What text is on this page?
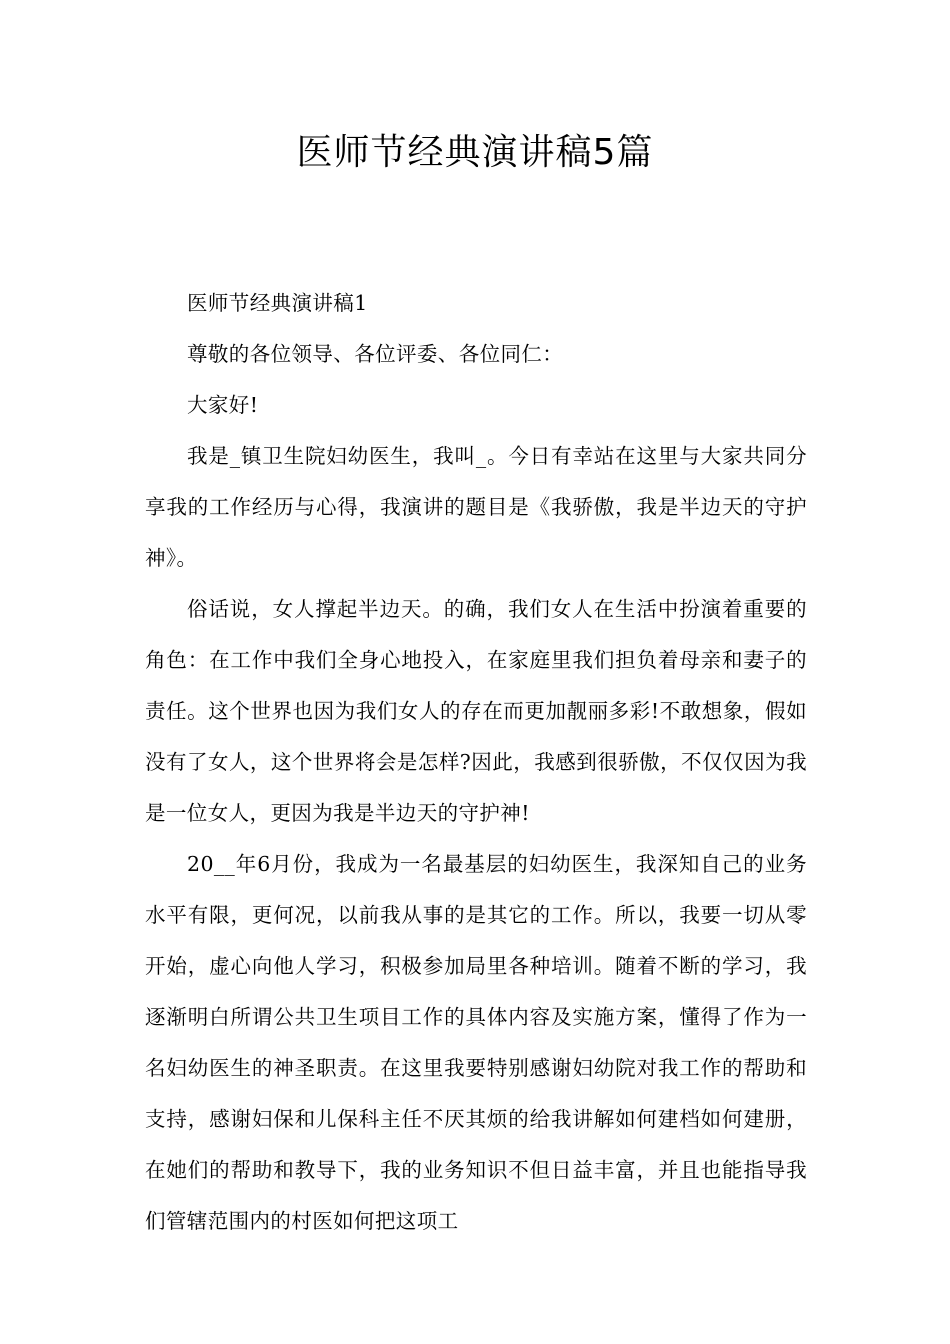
医师节经典演讲稿5篇

医师节经典演讲稿1

尊敬的各位领导、各位评委、各位同仁：

大家好!

我是_镇卫生院妇幼医生，我叫_。今日有幸站在这里与大家共同分享我的工作经历与心得，我演讲的题目是《我骄傲，我是半边天的守护神》。

俗话说，女人撑起半边天。的确，我们女人在生活中扮演着重要的角色：在工作中我们全身心地投入，在家庭里我们担负着母亲和妻子的责任。这个世界也因为我们女人的存在而更加靓丽多彩!不敢想象，假如没有了女人，这个世界将会是怎样?因此，我感到很骄傲，不仅仅因为我是一位女人，更因为我是半边天的守护神!

20__年6月份，我成为一名最基层的妇幼医生，我深知自己的业务水平有限，更何况，以前我从事的是其它的工作。所以，我要一切从零开始，虚心向他人学习，积极参加局里各种培训。随着不断的学习，我逐渐明白所谓公共卫生项目工作的具体内容及实施方案，懂得了作为一名妇幼医生的神圣职责。在这里我要特别感谢妇幼院对我工作的帮助和支持，感谢妇保和儿保科主任不厌其烦的给我讲解如何建档如何建册，在她们的帮助和教导下，我的业务知识不但日益丰富，并且也能指导我们管辖范围内的村医如何把这项工
